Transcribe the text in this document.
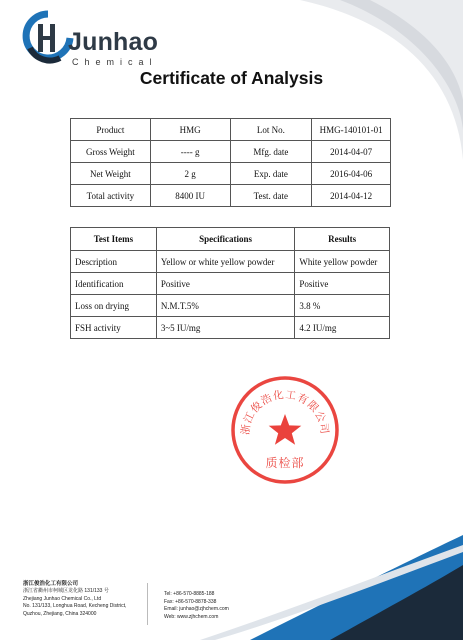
Junhao
Chemical
Certificate of Analysis
Product	HMG	Lot No.	HMG-140101-01
Gross Weight	---- g	Mfg. date	2014-04-07
Net Weight	2 g	Exp. date	2016-04-06
Total activity	8400 IU	Test. date	2014-04-12
Test Items	Specifications	Results
Description	Yellow or white yellow powder	White yellow powder
Identification	Positive	Positive
Loss on drying	N.M.T.5%	3.8 %
FSH activity	3~5 IU/mg	4.2 IU/mg
浙江俊浩化工有限公司
质检部
浙江俊浩化工有限公司
浙江省衢州市柯城区龙化路 131/133 号
Zhejiang Junhao Chemical Co., Ltd
No. 131/133, Longhua Road, Kecheng District,
Quzhou, Zhejiang, China 324000
Tel: +86-570-8885-188
Fax: +86-570-8878-338
Email: junhao@zjhchem.com
Web: www.zjhchem.com
